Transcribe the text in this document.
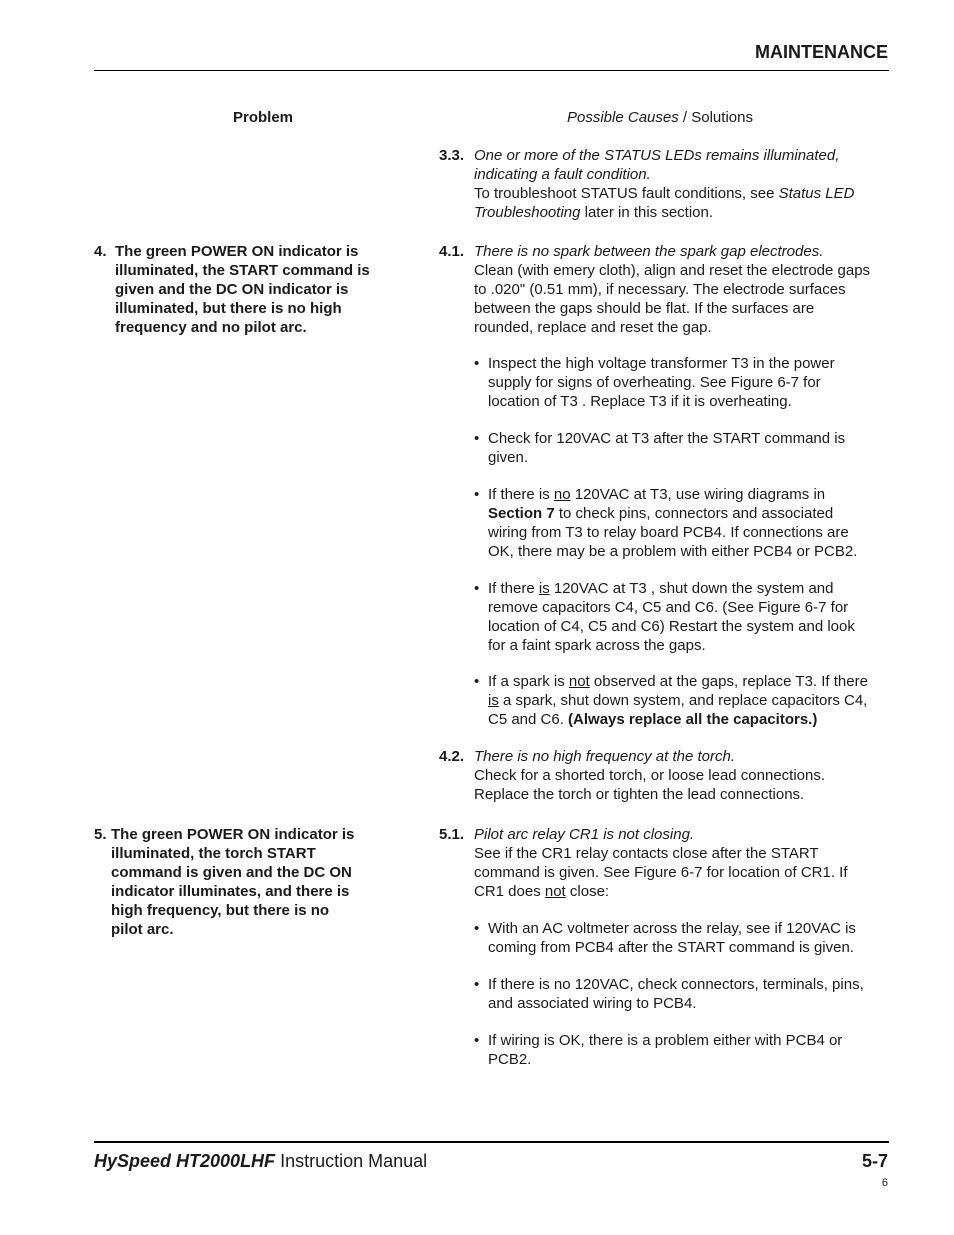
MAINTENANCE
Problem	Possible Causes / Solutions
3.3. One or more of the STATUS LEDs remains illuminated,
indicating a fault condition.
To troubleshoot STATUS fault conditions, see Status LED
Troubleshooting later in this section.
4. The green POWER ON indicator is
illuminated, the START command is
given and the DC ON indicator is
illuminated, but there is no high
frequency and no pilot arc.
4.1. There is no spark between the spark gap electrodes.
Clean (with emery cloth), align and reset the electrode gaps
to .020" (0.51 mm), if necessary. The electrode surfaces
between the gaps should be flat. If the surfaces are
rounded, replace and reset the gap.
• Inspect the high voltage transformer T3 in the power
supply for signs of overheating. See Figure 6-7 for
location of T3 . Replace T3 if it is overheating.
• Check for 120VAC at T3 after the START command is
given.
• If there is no 120VAC at T3, use wiring diagrams in
Section 7 to check pins, connectors and associated
wiring from T3 to relay board PCB4. If connections are
OK, there may be a problem with either PCB4 or PCB2.
• If there is 120VAC at T3 , shut down the system and
remove capacitors C4, C5 and C6. (See Figure 6-7 for
location of C4, C5 and C6) Restart the system and look
for a faint spark across the gaps.
• If a spark is not observed at the gaps, replace T3. If there
is a spark, shut down system, and replace capacitors C4,
C5 and C6. (Always replace all the capacitors.)
4.2. There is no high frequency at the torch.
Check for a shorted torch, or loose lead connections.
Replace the torch or tighten the lead connections.
5. The green POWER ON indicator is
illuminated, the torch START
command is given and the DC ON
indicator illuminates, and there is
high frequency, but there is no
pilot arc.
5.1. Pilot arc relay CR1 is not closing.
See if the CR1 relay contacts close after the START
command is given. See Figure 6-7 for location of CR1. If
CR1 does not close:
• With an AC voltmeter across the relay, see if 120VAC is
coming from PCB4 after the START command is given.
• If there is no 120VAC, check connectors, terminals, pins,
and associated wiring to PCB4.
• If wiring is OK, there is a problem either with PCB4 or
PCB2.
HySpeed HT2000LHF Instruction Manual	5-7
6
